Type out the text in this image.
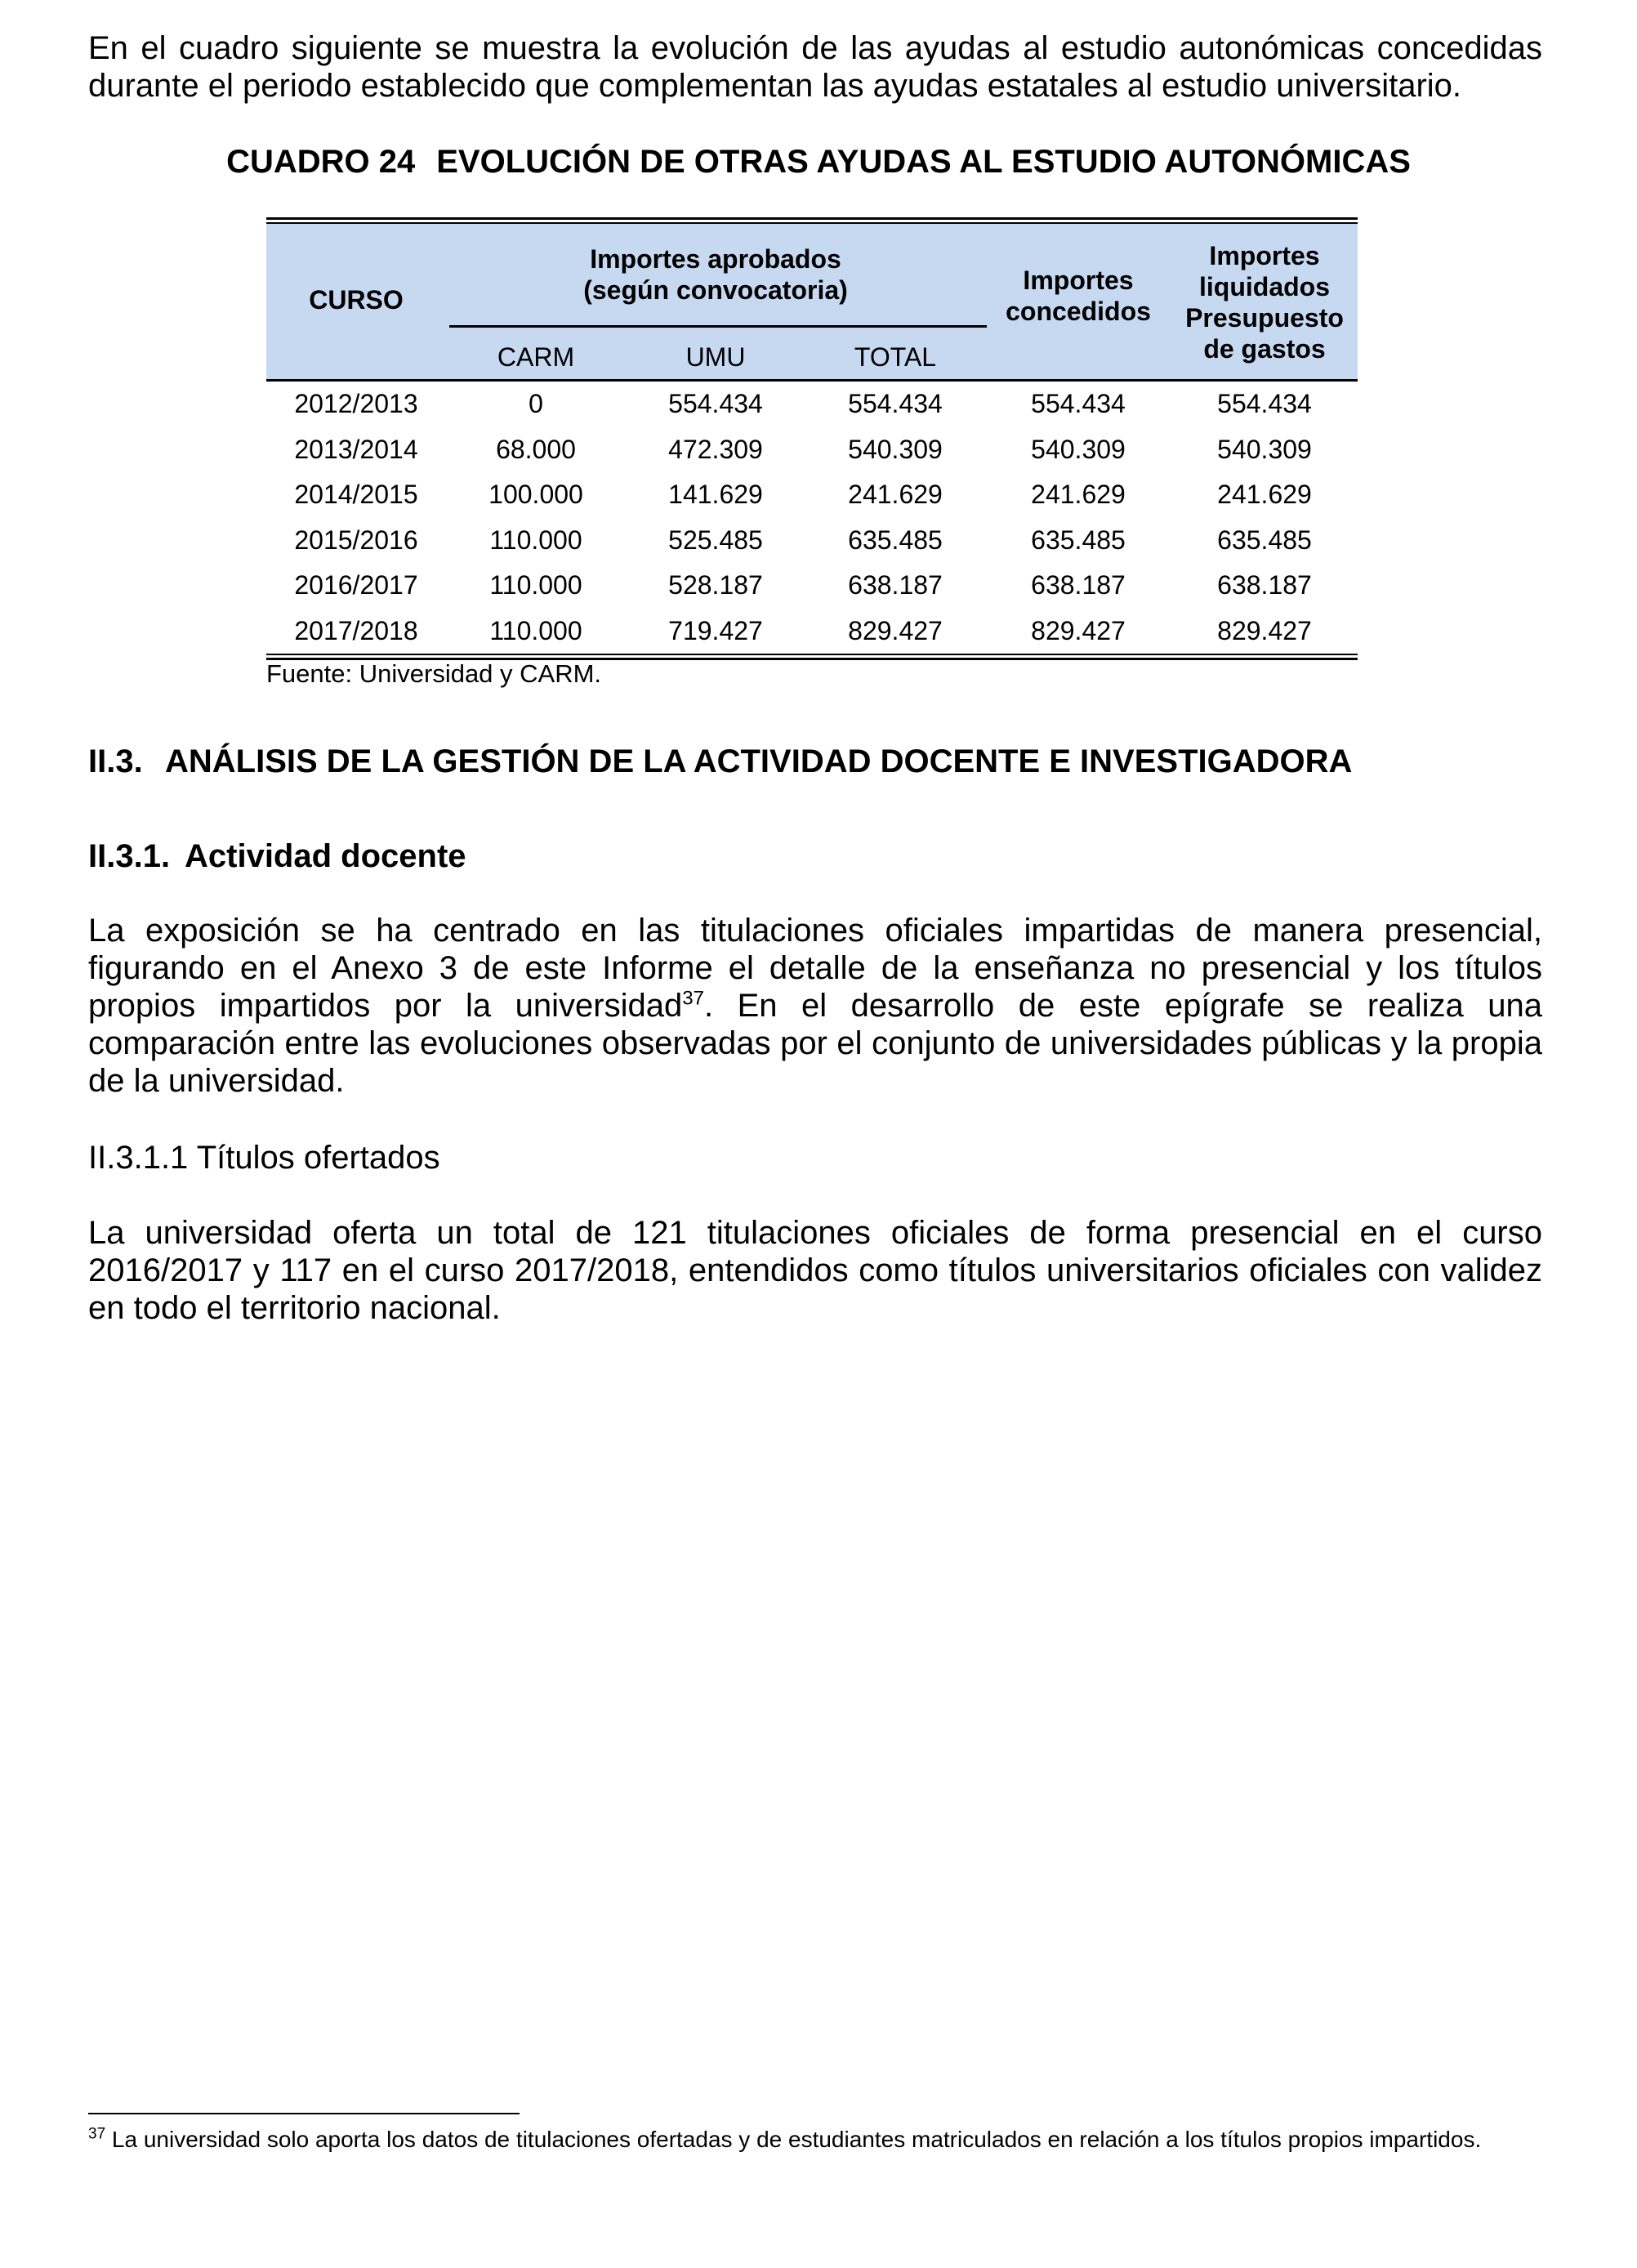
En el cuadro siguiente se muestra la evolución de las ayudas al estudio autonómicas concedidas durante el periodo establecido que complementan las ayudas estatales al estudio universitario.

CUADRO 24 EVOLUCIÓN DE OTRAS AYUDAS AL ESTUDIO AUTONÓMICAS

CURSO
Importes aprobados
(según convocatoria)
CARM	UMU	TOTAL
Importes
concedidos
Importes
liquidados
Presupuesto
de gastos
2012/2013	0	554.434	554.434	554.434	554.434
2013/2014	68.000	472.309	540.309	540.309	540.309
2014/2015	100.000	141.629	241.629	241.629	241.629
2015/2016	110.000	525.485	635.485	635.485	635.485
2016/2017	110.000	528.187	638.187	638.187	638.187
2017/2018	110.000	719.427	829.427	829.427	829.427

Fuente: Universidad y CARM.

II.3. ANÁLISIS DE LA GESTIÓN DE LA ACTIVIDAD DOCENTE E INVESTIGADORA

II.3.1. Actividad docente

La exposición se ha centrado en las titulaciones oficiales impartidas de manera presencial, figurando en el Anexo 3 de este Informe el detalle de la enseñanza no presencial y los títulos propios impartidos por la universidad$^{37}$. En el desarrollo de este epígrafe se realiza una comparación entre las evoluciones observadas por el conjunto de universidades públicas y la propia de la universidad.

II.3.1.1 Títulos ofertados

La universidad oferta un total de 121 titulaciones oficiales de forma presencial en el curso 2016/2017 y 117 en el curso 2017/2018, entendidos como títulos universitarios oficiales con validez en todo el territorio nacional.

$^{37}$ La universidad solo aporta los datos de titulaciones ofertadas y de estudiantes matriculados en relación a los títulos propios impartidos.
